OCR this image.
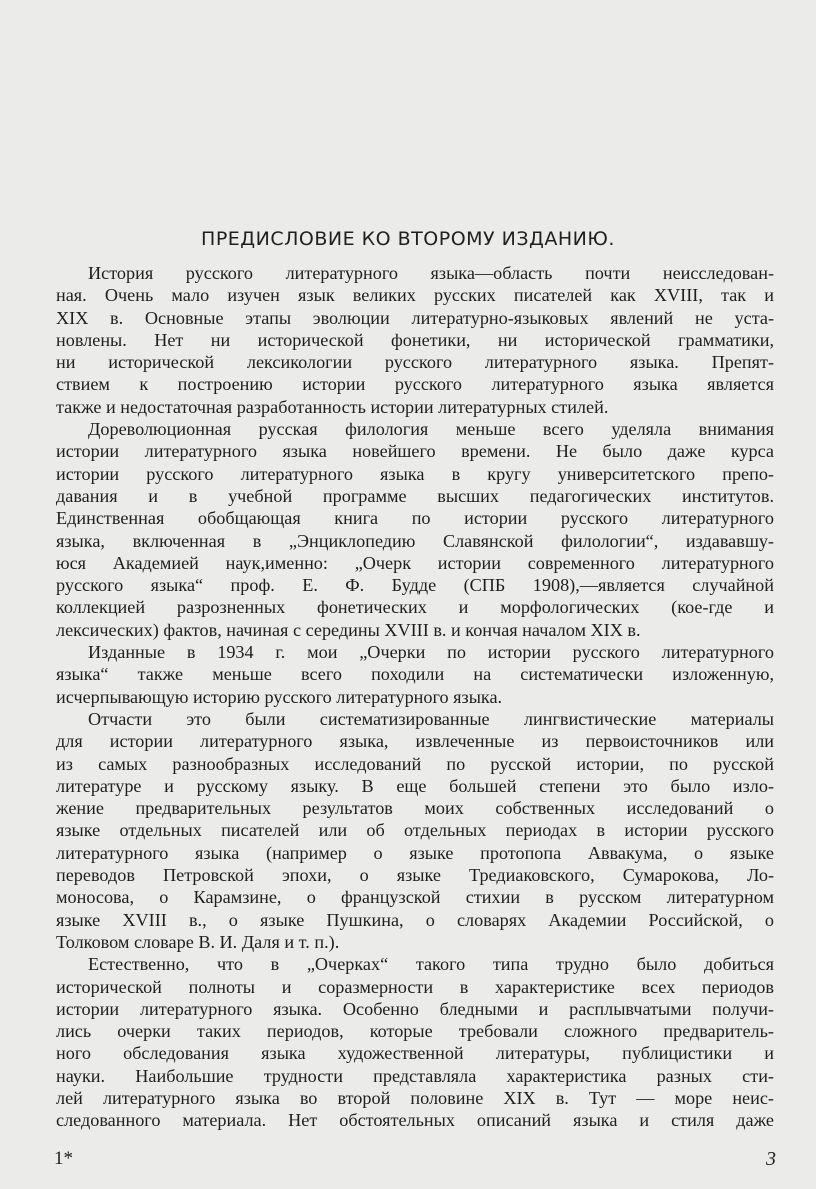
ПРЕДИСЛОВИЕ КО ВТОРОМУ ИЗДАНИЮ.
История русского литературного языка—область почти неисследован-
ная. Очень мало изучен язык великих русских писателей как XVIII, так и
XIX в. Основные этапы эволюции литературно-языковых явлений не уста-
новлены. Нет ни исторической фонетики, ни исторической грамматики,
ни исторической лексикологии русского литературного языка. Препят-
ствием к построению истории русского литературного языка является
также и недостаточная разработанность истории литературных стилей.
Дореволюционная русская филология меньше всего уделяла внимания
истории литературного языка новейшего времени. Не было даже курса
истории русского литературного языка в кругу университетского препо-
давания и в учебной программе высших педагогических институтов.
Единственная обобщающая книга по истории русского литературного
языка, включенная в „Энциклопедию Славянской филологии“, издававшу-
юся Академией наук,именно: „Очерк истории современного литературного
русского языка“ проф. Е. Ф. Будде (СПБ 1908),—является случайной
коллекцией разрозненных фонетических и морфологических (кое-где и
лексических) фактов, начиная с середины XVIII в. и кончая началом XIX в.
Изданные в 1934 г. мои „Очерки по истории русского литературного
языка“ также меньше всего походили на систематически изложенную,
исчерпывающую историю русского литературного языка.
Отчасти это были систематизированные лингвистические материалы
для истории литературного языка, извлеченные из первоисточников или
из самых разнообразных исследований по русской истории, по русской
литературе и русскому языку. В еще большей степени это было изло-
жение предварительных результатов моих собственных исследований о
языке отдельных писателей или об отдельных периодах в истории русского
литературного языка (например о языке протопопа Аввакума, о языке
переводов Петровской эпохи, о языке Тредиаковского, Сумарокова, Ло-
моносова, о Карамзине, о французской стихии в русском литературном
языке XVIII в., о языке Пушкина, о словарях Академии Российской, о
Толковом словаре В. И. Даля и т. п.).
Естественно, что в „Очерках“ такого типа трудно было добиться
исторической полноты и соразмерности в характеристике всех периодов
истории литературного языка. Особенно бледными и расплывчатыми получи-
лись очерки таких периодов, которые требовали сложного предваритель-
ного обследования языка художественной литературы, публицистики и
науки. Наибольшие трудности представляла характеристика разных сти-
лей литературного языка во второй половине XIX в. Тут — море неис-
следованного материала. Нет обстоятельных описаний языка и стиля даже
1*	3
